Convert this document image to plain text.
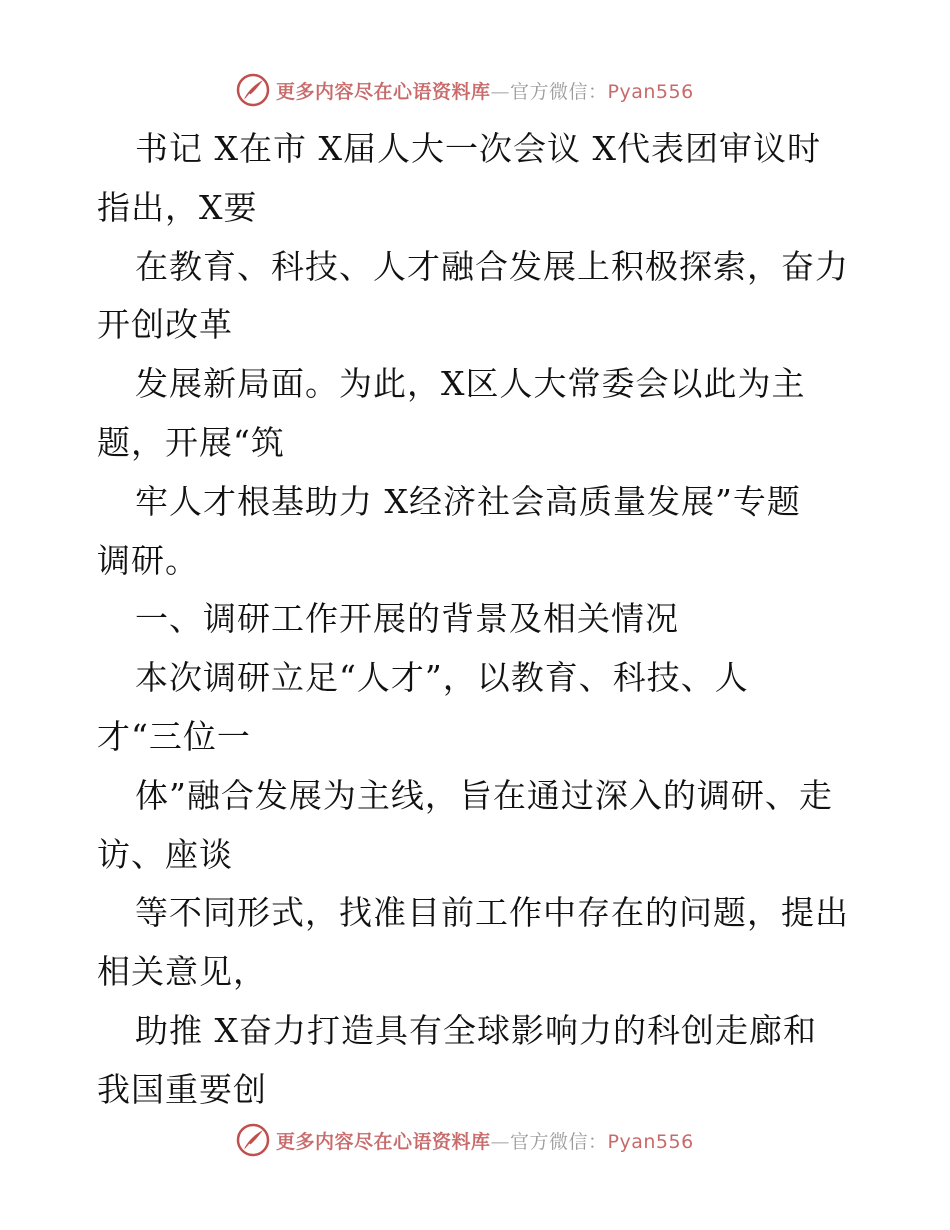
更多内容尽在心语资料库—官方微信：Pyan556
书记 X在市 X届人大一次会议 X代表团审议时
指出，X要
在教育、科技、人才融合发展上积极探索，奋力
开创改革
发展新局面。为此，X区人大常委会以此为主
题，开展“筑
牢人才根基助力 X经济社会高质量发展”专题
调研。
一、调研工作开展的背景及相关情况
本次调研立足“人才”，以教育、科技、人
才“三位一
体”融合发展为主线，旨在通过深入的调研、走
访、座谈
等不同形式，找准目前工作中存在的问题，提出
相关意见，
助推 X奋力打造具有全球影响力的科创走廊和
我国重要创
更多内容尽在心语资料库—官方微信：Pyan556
